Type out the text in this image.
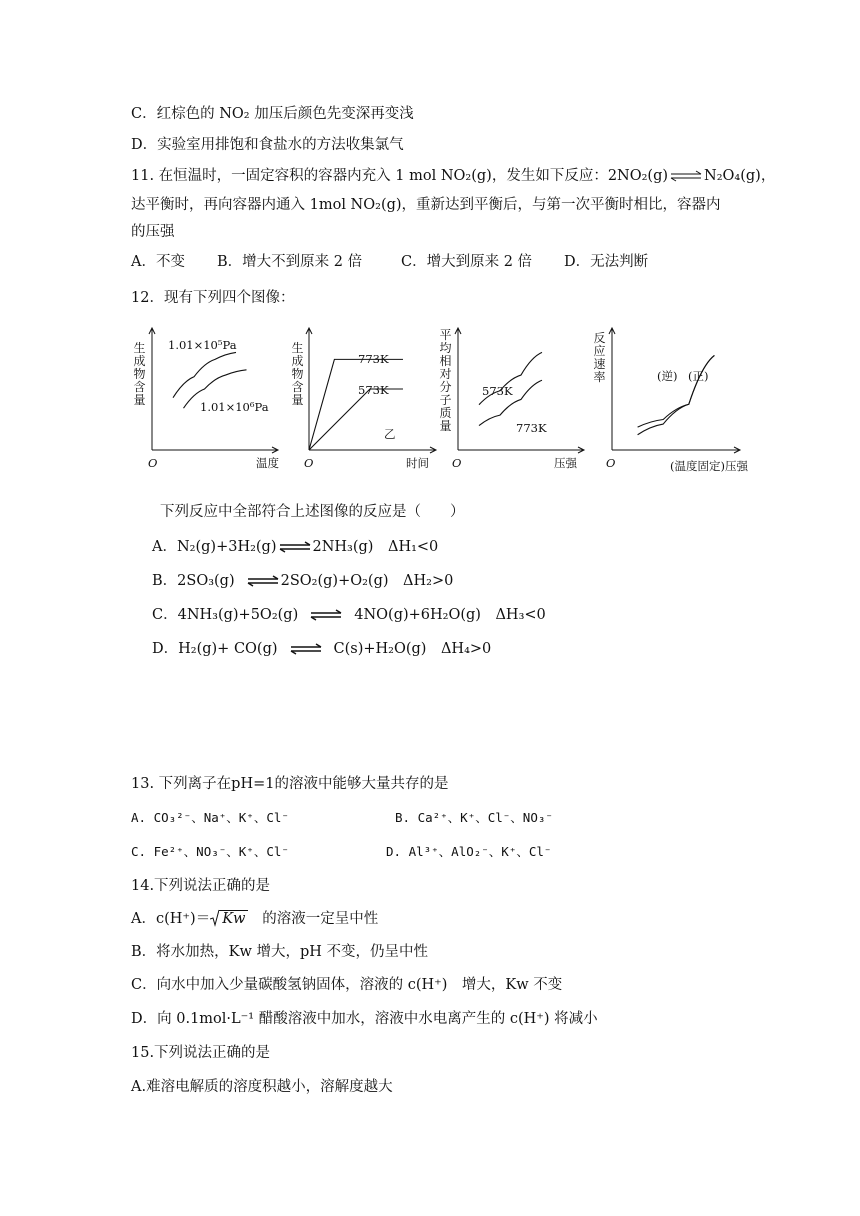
C．红棕色的 NO₂ 加压后颜色先变深再变浅
D．实验室用排饱和食盐水的方法收集氯气
11. 在恒温时，一固定容积的容器内充入 1 mol NO₂(g)，发生如下反应：2NO₂(g) ⇌ N₂O₄(g)，
达平衡时，再向容器内通入 1mol NO₂(g)，重新达到平衡后，与第一次平衡时相比，容器内
的压强
A．不变 B．增大不到原来 2 倍	C．增大到原来 2 倍 D．无法判断
12．现有下列四个图像：
生成物含量
O	温度
1.01×10⁵Pa
1.01×10⁶Pa
生成物含量
O	时间
乙
773K
573K
平均相对分子质量
O	压强
573K
773K
反应速率
O	(温度固定)压强
(逆) (正)
下列反应中全部符合上述图像的反应是（　　）
A．N₂(g)+3H₂(g) ⇌ 2NH₃(g)　ΔH₁<0
B．2SO₃(g) ⇌ 2SO₂(g)+O₂(g)　ΔH₂>0
C．4NH₃(g)+5O₂(g) ⇌ 4NO(g)+6H₂O(g)　ΔH₃<0
D．H₂(g)+ CO(g) ⇌ C(s)+H₂O(g)　ΔH₄>0
13. 下列离子在pH=1的溶液中能够大量共存的是
A. CO₃²⁻、Na⁺、K⁺、Cl⁻	B. Ca²⁺、K⁺、Cl⁻、NO₃⁻
C. Fe²⁺、NO₃⁻、K⁺、Cl⁻	D. Al³⁺、AlO₂⁻、K⁺、Cl⁻
14.下列说法正确的是
A．c(H⁺)＝ Kw 的溶液一定呈中性
B．将水加热，Kw 增大，pH 不变，仍呈中性
C．向水中加入少量碳酸氢钠固体，溶液的 c(H⁺)　增大，Kw 不变
D．向 0.1mol·L⁻¹ 醋酸溶液中加水，溶液中水电离产生的 c(H⁺) 将减小
15.下列说法正确的是
A.难溶电解质的溶度积越小，溶解度越大
